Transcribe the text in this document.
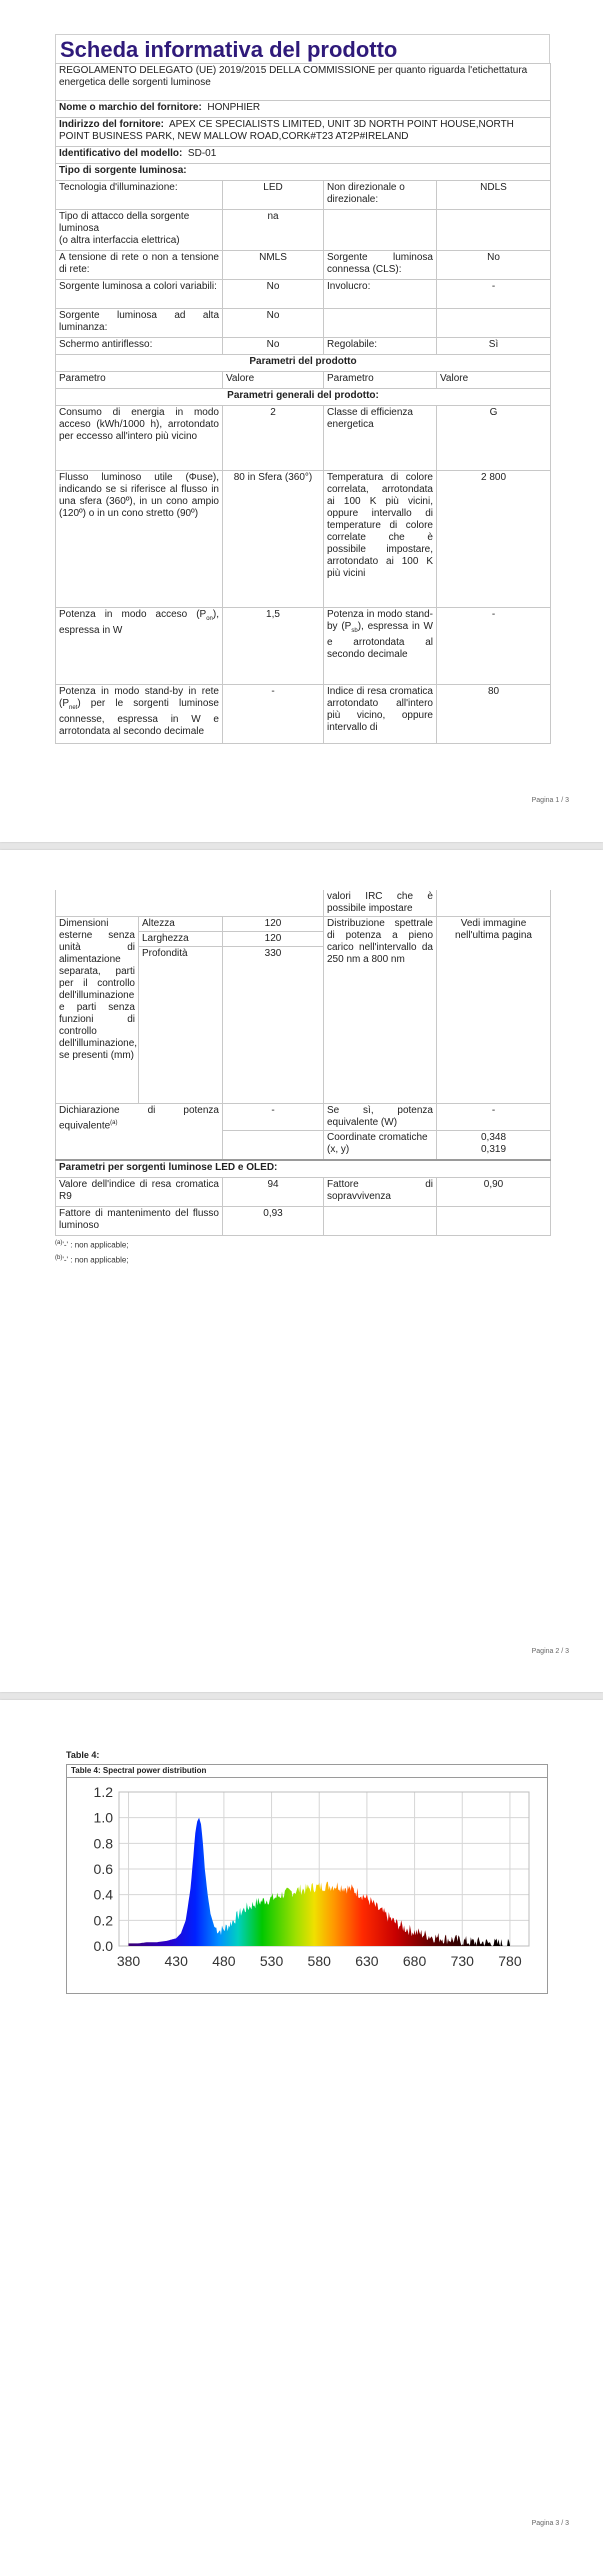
Scheda informativa del prodotto
REGOLAMENTO DELEGATO (UE) 2019/2015 DELLA COMMISSIONE per quanto riguarda l'etichettatura energetica delle sorgenti luminose			
Nome o marchio del fornitore: HONPHIER			
Indirizzo del fornitore: APEX CE SPECIALISTS LIMITED, UNIT 3D NORTH POINT HOUSE,NORTH POINT BUSINESS PARK, NEW MALLOW ROAD,CORK#T23 AT2P#IRELAND			
Identificativo del modello: SD-01			
Tipo di sorgente luminosa:			
Tecnologia d'illuminazione:	LED	Non direzionale o direzionale:	NDLS
Tipo di attacco della sorgente luminosa
(o altra interfaccia elettrica)	na		
A tensione di rete o non a tensione di rete:	NMLS	Sorgente luminosa connessa (CLS):	No
Sorgente luminosa a colori variabili:	No	Involucro:	-
Sorgente luminosa ad alta luminanza:	No		
Schermo antiriflesso:	No	Regolabile:	Sì
Parametri del prodotto			
Parametro	Valore	Parametro	Valore
Parametri generali del prodotto:			
Consumo di energia in modo acceso (kWh/1000 h), arrotondato per eccesso all'intero più vicino	2	Classe di efficienza energetica	G
Flusso luminoso utile (Φuse), indicando se si riferisce al flusso in una sfera (360º), in un cono ampio (120º) o in un cono stretto (90º)	80 in Sfera (360°)	Temperatura di colore correlata, arrotondata ai 100 K più vicini, oppure intervallo di temperature di colore correlate che è possibile impostare, arrotondato ai 100 K più vicini	2 800
Potenza in modo acceso $(P_{on})$, espressa in W	1,5	Potenza in modo stand-by $(P_{sb})$, espressa in W e arrotondata al secondo decimale	-
Potenza in modo stand-by in rete $(P_{net})$ per le sorgenti luminose connesse, espressa in W e arrotondata al secondo decimale	-	Indice di resa cromatica arrotondato all'intero più vicino, oppure intervallo di	80
Pagina 1 / 3
			valori IRC che è possibile impostare	
Dimensioni esterne senza unità di alimentazione separata, parti per il controllo dell'illuminazione e parti senza funzioni di controllo dell'illuminazione, se presenti (mm)	Altezza	120	Distribuzione spettrale di potenza a pieno carico nell'intervallo da 250 nm a 800 nm	Vedi immagine nell'ultima pagina
	Larghezza	120		
	Profondità	330		
Dichiarazione di potenza equivalente$^{(a)}$		-	Se sì, potenza equivalente (W)	-
			Coordinate cromatiche (x, y)	0,348
0,319
Parametri per sorgenti luminose LED e OLED:				
Valore dell'indice di resa cromatica R9		94	Fattore di sopravvivenza	0,90
Fattore di mantenimento del flusso luminoso		0,93		
$^{(a)}$'-' : non applicable;
$^{(b)}$'-' : non applicable;
Pagina 2 / 3
Table 4:
Table 4: Spectral power distribution
0.0
0.2
0.4
0.6
0.8
1.0
1.2
380 430 480 530 580 630 680 730 780
Pagina 3 / 3
